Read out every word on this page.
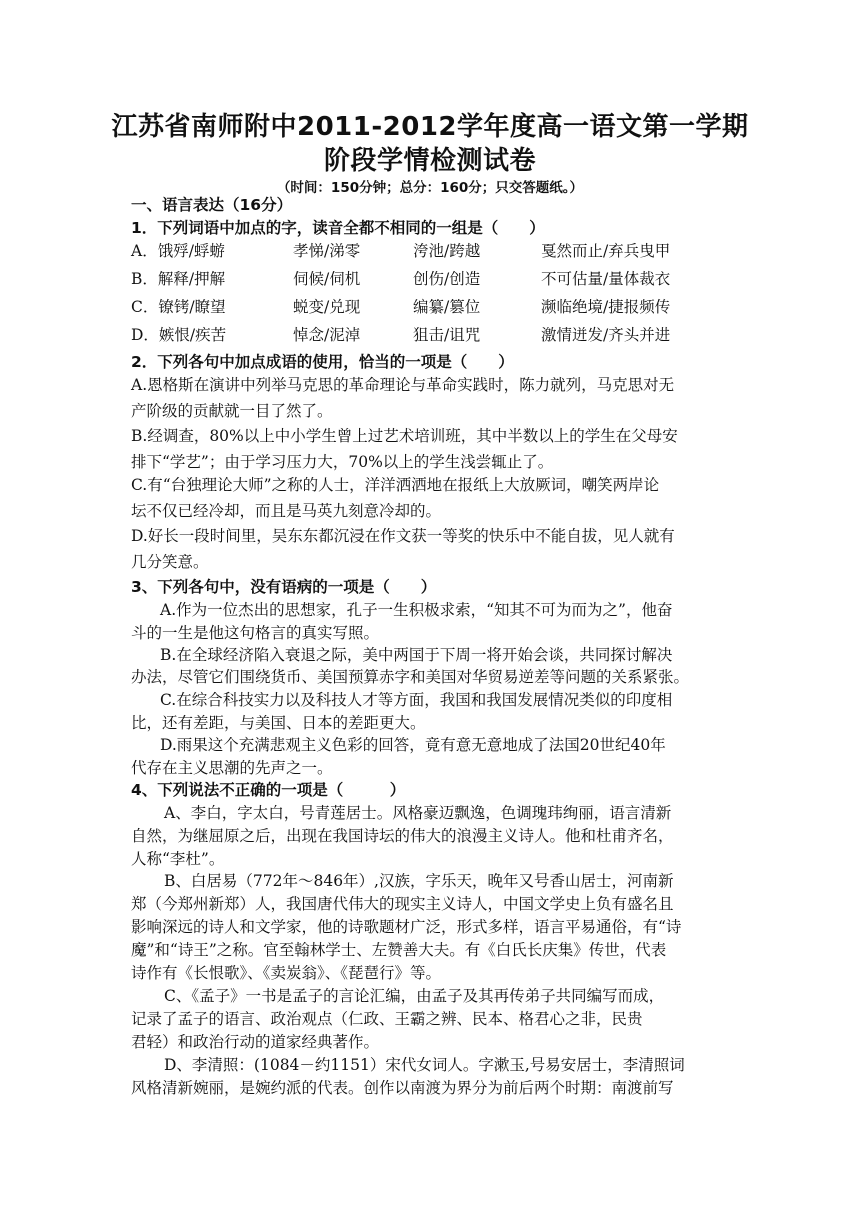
江苏省南师附中2011-2012学年度高一语文第一学期
阶段学情检测试卷
（时间：150分钟；总分：160分；只交答题纸。）
一、语言表达（16分）
1．下列词语中加点的字，读音全都不相同的一组是（　　）
A．饿殍/蜉蝣	孝悌/涕零	洿池/跨越	戛然而止/弃兵曳甲
B．解释/押解	伺候/伺机	创伤/创造	不可估量/量体裁衣
C．镣铐/瞭望	蜕变/兑现	编纂/篡位	濒临绝境/捷报频传
D．嫉恨/疾苦	悼念/泥淖	狙击/诅咒	激情迸发/齐头并进
2．下列各句中加点成语的使用，恰当的一项是（　　）
A.恩格斯在演讲中列举马克思的革命理论与革命实践时，陈力就列，马克思对无
产阶级的贡献就一目了然了。
B.经调查，80%以上中小学生曾上过艺术培训班，其中半数以上的学生在父母安
排下“学艺”；由于学习压力大，70%以上的学生浅尝辄止了。
C.有“台独理论大师”之称的人士，洋洋洒洒地在报纸上大放厥词，嘲笑两岸论
坛不仅已经冷却，而且是马英九刻意冷却的。
D.好长一段时间里，吴东东都沉浸在作文获一等奖的快乐中不能自拔，见人就有
几分笑意。
3、下列各句中，没有语病的一项是（　　）
A.作为一位杰出的思想家，孔子一生积极求索，“知其不可为而为之”，他奋
斗的一生是他这句格言的真实写照。
B.在全球经济陷入衰退之际，美中两国于下周一将开始会谈，共同探讨解决
办法，尽管它们围绕货币、美国预算赤字和美国对华贸易逆差等问题的关系紧张。
C.在综合科技实力以及科技人才等方面，我国和我国发展情况类似的印度相
比，还有差距，与美国、日本的差距更大。
D.雨果这个充满悲观主义色彩的回答，竟有意无意地成了法国20世纪40年
代存在主义思潮的先声之一。
4、下列说法不正确的一项是（　　　）
A、李白，字太白，号青莲居士。风格豪迈飘逸，色调瑰玮绚丽，语言清新
自然，为继屈原之后，出现在我国诗坛的伟大的浪漫主义诗人。他和杜甫齐名，
人称“李杜”。
B、白居易（772年～846年）,汉族，字乐天，晚年又号香山居士，河南新
郑（今郑州新郑）人，我国唐代伟大的现实主义诗人，中国文学史上负有盛名且
影响深远的诗人和文学家，他的诗歌题材广泛，形式多样，语言平易通俗，有“诗
魔”和“诗王”之称。官至翰林学士、左赞善大夫。有《白氏长庆集》传世，代表
诗作有《长恨歌》、《卖炭翁》、《琵琶行》等。
C、《孟子》一书是孟子的言论汇编，由孟子及其再传弟子共同编写而成，
记录了孟子的语言、政治观点（仁政、王霸之辨、民本、格君心之非，民贵
君轻）和政治行动的道家经典著作。
D、李清照：(1084－约1151）宋代女词人。字漱玉,号易安居士，李清照词
风格清新婉丽，是婉约派的代表。创作以南渡为界分为前后两个时期：南渡前写
